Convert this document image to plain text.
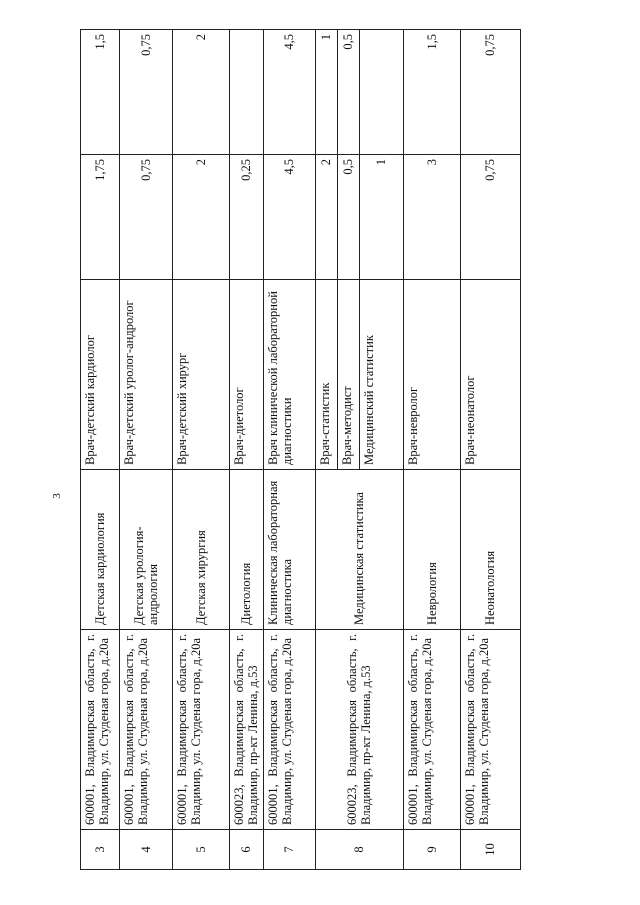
3
3	600001, Владимирская область, г. Владимир, ул. Студеная гора, д.20а	Детская кардиология	Врач-детский кардиолог	1,75	1,5
4	600001, Владимирская область, г. Владимир, ул. Студеная гора, д.20а	Детская урология-андрология	Врач-детский уролог-андролог	0,75	0,75
5	600001, Владимирская область, г. Владимир, ул. Студеная гора, д.20а	Детская хирургия	Врач-детский хирург	2	2
6	600023, Владимирская область, г. Владимир, пр-кт Ленина, д.53	Диетология	Врач-диетолог	0,25	
7	600001, Владимирская область, г. Владимир, ул. Студеная гора, д.20а	Клиническая лабораторная диагностика	Врач клинической лабораторной диагностики	4,5	4,5
8	600023, Владимирская область, г. Владимир, пр-кт Ленина, д.53	Медицинская статистика	Врач-статистик	2	1
			Врач-методист	0,5	0,5
			Медицинский статистик	1	
9	600001, Владимирская область, г. Владимир, ул. Студеная гора, д.20а	Неврология	Врач-невролог	3	1,5
10	600001, Владимирская область, г. Владимир, ул. Студеная гора, д.20а	Неонатология	Врач-неонатолог	0,75	0,75
